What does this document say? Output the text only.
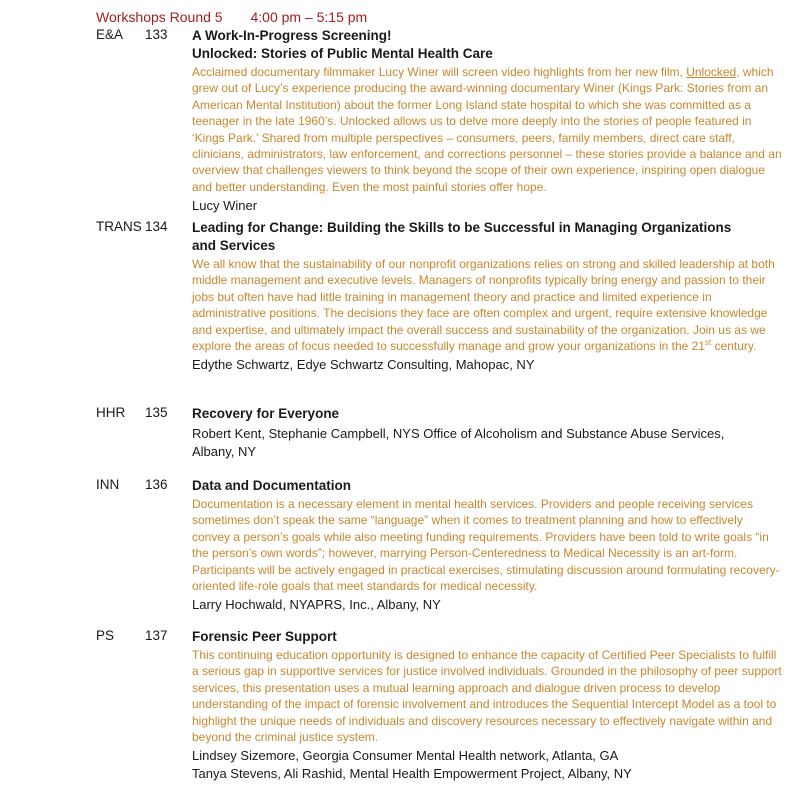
Workshops Round 5 4:00 pm – 5:15 pm
E&A 133 A Work-In-Progress Screening!
Unlocked: Stories of Public Mental Health Care
Acclaimed documentary filmmaker Lucy Winer will screen video highlights from her new film, Unlocked, which grew out of Lucy’s experience producing the award-winning documentary Winer (Kings Park: Stories from an American Mental Institution) about the former Long Island state hospital to which she was committed as a teenager in the late 1960’s. Unlocked allows us to delve more deeply into the stories of people featured in ‘Kings Park.’ Shared from multiple perspectives – consumers, peers, family members, direct care staff, clinicians, administrators, law enforcement, and corrections personnel – these stories provide a balance and an overview that challenges viewers to think beyond the scope of their own experience, inspiring open dialogue and better understanding. Even the most painful stories offer hope.
Lucy Winer
TRANS 134 Leading for Change: Building the Skills to be Successful in Managing Organizations
and Services
We all know that the sustainability of our nonprofit organizations relies on strong and skilled leadership at both middle management and executive levels. Managers of nonprofits typically bring energy and passion to their jobs but often have had little training in management theory and practice and limited experience in administrative positions. The decisions they face are often complex and urgent, require extensive knowledge and expertise, and ultimately impact the overall success and sustainability of the organization. Join us as we explore the areas of focus needed to successfully manage and grow your organizations in the 21st century.
Edythe Schwartz, Edye Schwartz Consulting, Mahopac, NY
HHR 135 Recovery for Everyone
Robert Kent, Stephanie Campbell, NYS Office of Alcoholism and Substance Abuse Services,
Albany, NY
INN 136 Data and Documentation
Documentation is a necessary element in mental health services. Providers and people receiving services sometimes don’t speak the same “language” when it comes to treatment planning and how to effectively convey a person’s goals while also meeting funding requirements. Providers have been told to write goals “in the person’s own words”; however, marrying Person-Centeredness to Medical Necessity is an art-form. Participants will be actively engaged in practical exercises, stimulating discussion around formulating recovery-oriented life-role goals that meet standards for medical necessity.
Larry Hochwald, NYAPRS, Inc., Albany, NY
PS 137 Forensic Peer Support
This continuing education opportunity is designed to enhance the capacity of Certified Peer Specialists to fulfill a serious gap in supportive services for justice involved individuals. Grounded in the philosophy of peer support services, this presentation uses a mutual learning approach and dialogue driven process to develop understanding of the impact of forensic involvement and introduces the Sequential Intercept Model as a tool to highlight the unique needs of individuals and discovery resources necessary to effectively navigate within and beyond the criminal justice system.
Lindsey Sizemore, Georgia Consumer Mental Health network, Atlanta, GA
Tanya Stevens, Ali Rashid, Mental Health Empowerment Project, Albany, NY
